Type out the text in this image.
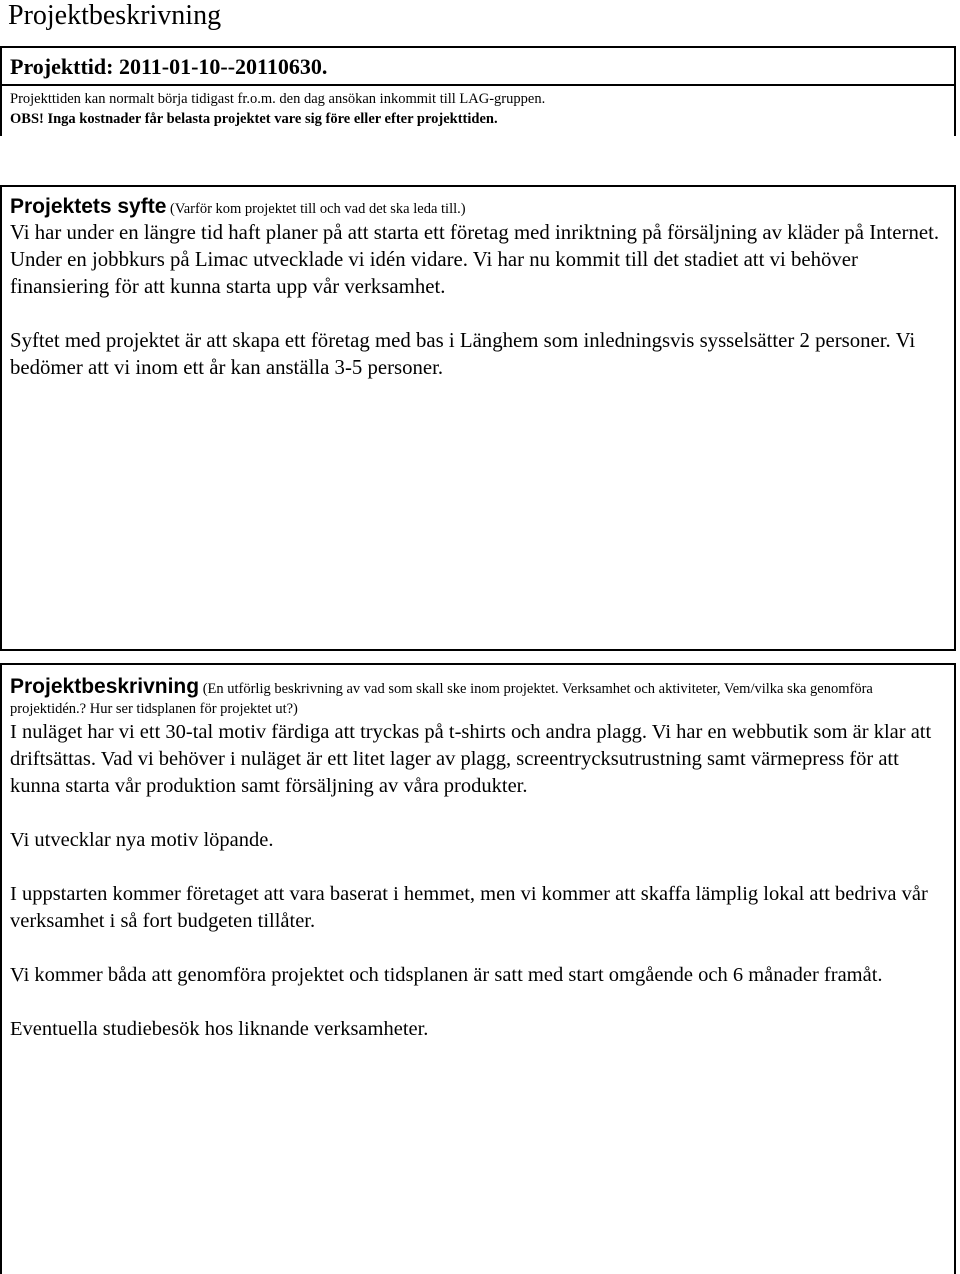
Projektbeskrivning
Projekttid: 2011-01-10--20110630.
Projekttiden kan normalt börja tidigast fr.o.m. den dag ansökan inkommit till LAG-gruppen.
OBS! Inga kostnader får belasta projektet vare sig före eller efter projekttiden.
Projektets syfte (Varför kom projektet till och vad det ska leda till.)

Vi har under en längre tid haft planer på att starta ett företag med inriktning på försäljning av kläder på Internet. Under en jobbkurs på Limac utvecklade vi idén vidare. Vi har nu kommit till det stadiet att vi behöver finansiering för att kunna starta upp vår verksamhet.

Syftet med projektet är att skapa ett företag med bas i Länghem som inledningsvis sysselsätter 2 personer. Vi bedömer att vi inom ett år kan anställa 3-5 personer.

Projektbeskrivning (En utförlig beskrivning av vad som skall ske inom projektet. Verksamhet och aktiviteter, Vem/vilka ska genomföra projektidén.? Hur ser tidsplanen för projektet ut?)

I nuläget har vi ett 30-tal motiv färdiga att tryckas på t-shirts och andra plagg. Vi har en webbutik som är klar att driftsättas. Vad vi behöver i nuläget är ett litet lager av plagg, screentrycksutrustning samt värmepress för att kunna starta vår produktion samt försäljning av våra produkter.

Vi utvecklar nya motiv löpande.

I uppstarten kommer företaget att vara baserat i hemmet, men vi kommer att skaffa lämplig lokal att bedriva vår verksamhet i så fort budgeten tillåter.

Vi kommer båda att genomföra projektet och tidsplanen är satt med start omgående och 6 månader framåt.

Eventuella studiebesök hos liknande verksamheter.
